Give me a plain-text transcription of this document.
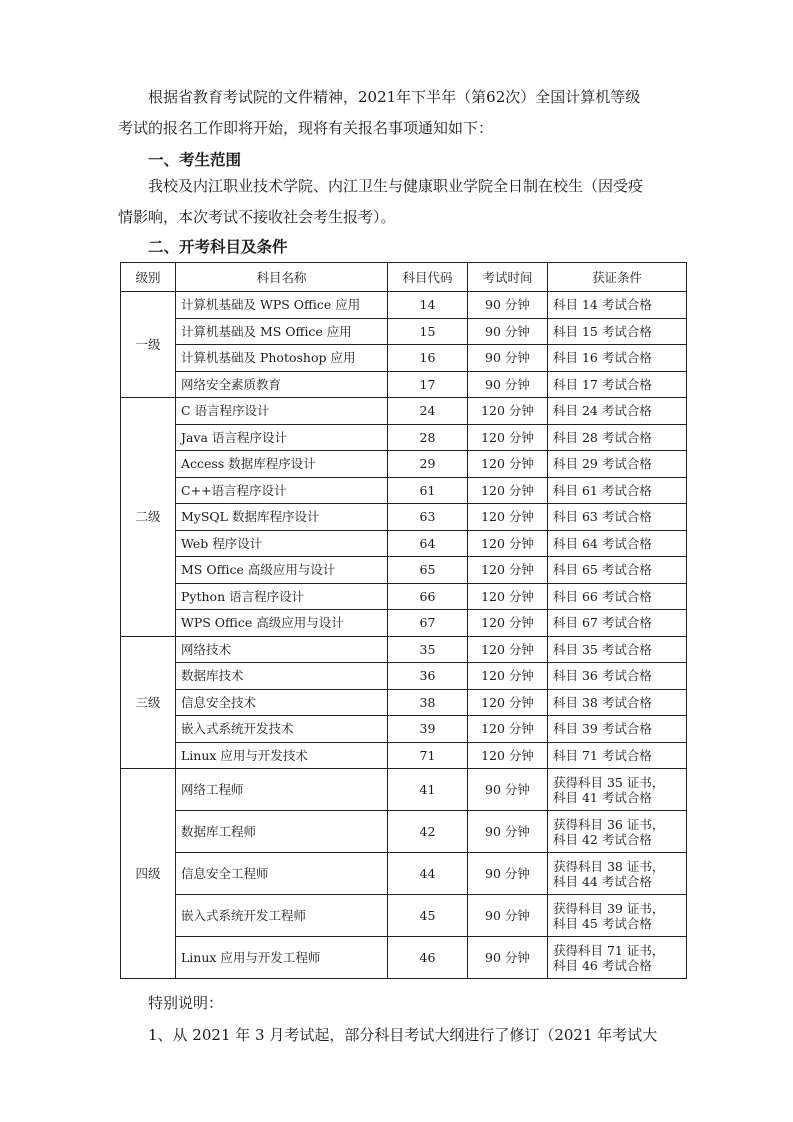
根据省教育考试院的文件精神，2021年下半年（第62次）全国计算机等级
考试的报名工作即将开始，现将有关报名事项通知如下：

一、考生范围

我校及内江职业技术学院、内江卫生与健康职业学院全日制在校生（因受疫
情影响，本次考试不接收社会考生报考）。

二、开考科目及条件

级别	科目名称	科目代码	考试时间	获证条件
一级	计算机基础及 WPS Office 应用	14	90 分钟	科目 14 考试合格
	计算机基础及 MS Office 应用	15	90 分钟	科目 15 考试合格
	计算机基础及 Photoshop 应用	16	90 分钟	科目 16 考试合格
	网络安全素质教育	17	90 分钟	科目 17 考试合格
二级	C 语言程序设计	24	120 分钟	科目 24 考试合格
	Java 语言程序设计	28	120 分钟	科目 28 考试合格
	Access 数据库程序设计	29	120 分钟	科目 29 考试合格
	C++语言程序设计	61	120 分钟	科目 61 考试合格
	MySQL 数据库程序设计	63	120 分钟	科目 63 考试合格
	Web 程序设计	64	120 分钟	科目 64 考试合格
	MS Office 高级应用与设计	65	120 分钟	科目 65 考试合格
	Python 语言程序设计	66	120 分钟	科目 66 考试合格
	WPS Office 高级应用与设计	67	120 分钟	科目 67 考试合格
三级	网络技术	35	120 分钟	科目 35 考试合格
	数据库技术	36	120 分钟	科目 36 考试合格
	信息安全技术	38	120 分钟	科目 38 考试合格
	嵌入式系统开发技术	39	120 分钟	科目 39 考试合格
	Linux 应用与开发技术	71	120 分钟	科目 71 考试合格
四级	网络工程师	41	90 分钟	获得科目 35 证书，
科目 41 考试合格

	数据库工程师	42	90 分钟	获得科目 36 证书，
科目 42 考试合格

	信息安全工程师	44	90 分钟	获得科目 38 证书，
科目 44 考试合格

	嵌入式系统开发工程师	45	90 分钟	获得科目 39 证书，
科目 45 考试合格

	Linux 应用与开发工程师	46	90 分钟	获得科目 71 证书，
科目 46 考试合格

特别说明：

1、从 2021 年 3 月考试起，部分科目考试大纲进行了修订（2021 年考试大
